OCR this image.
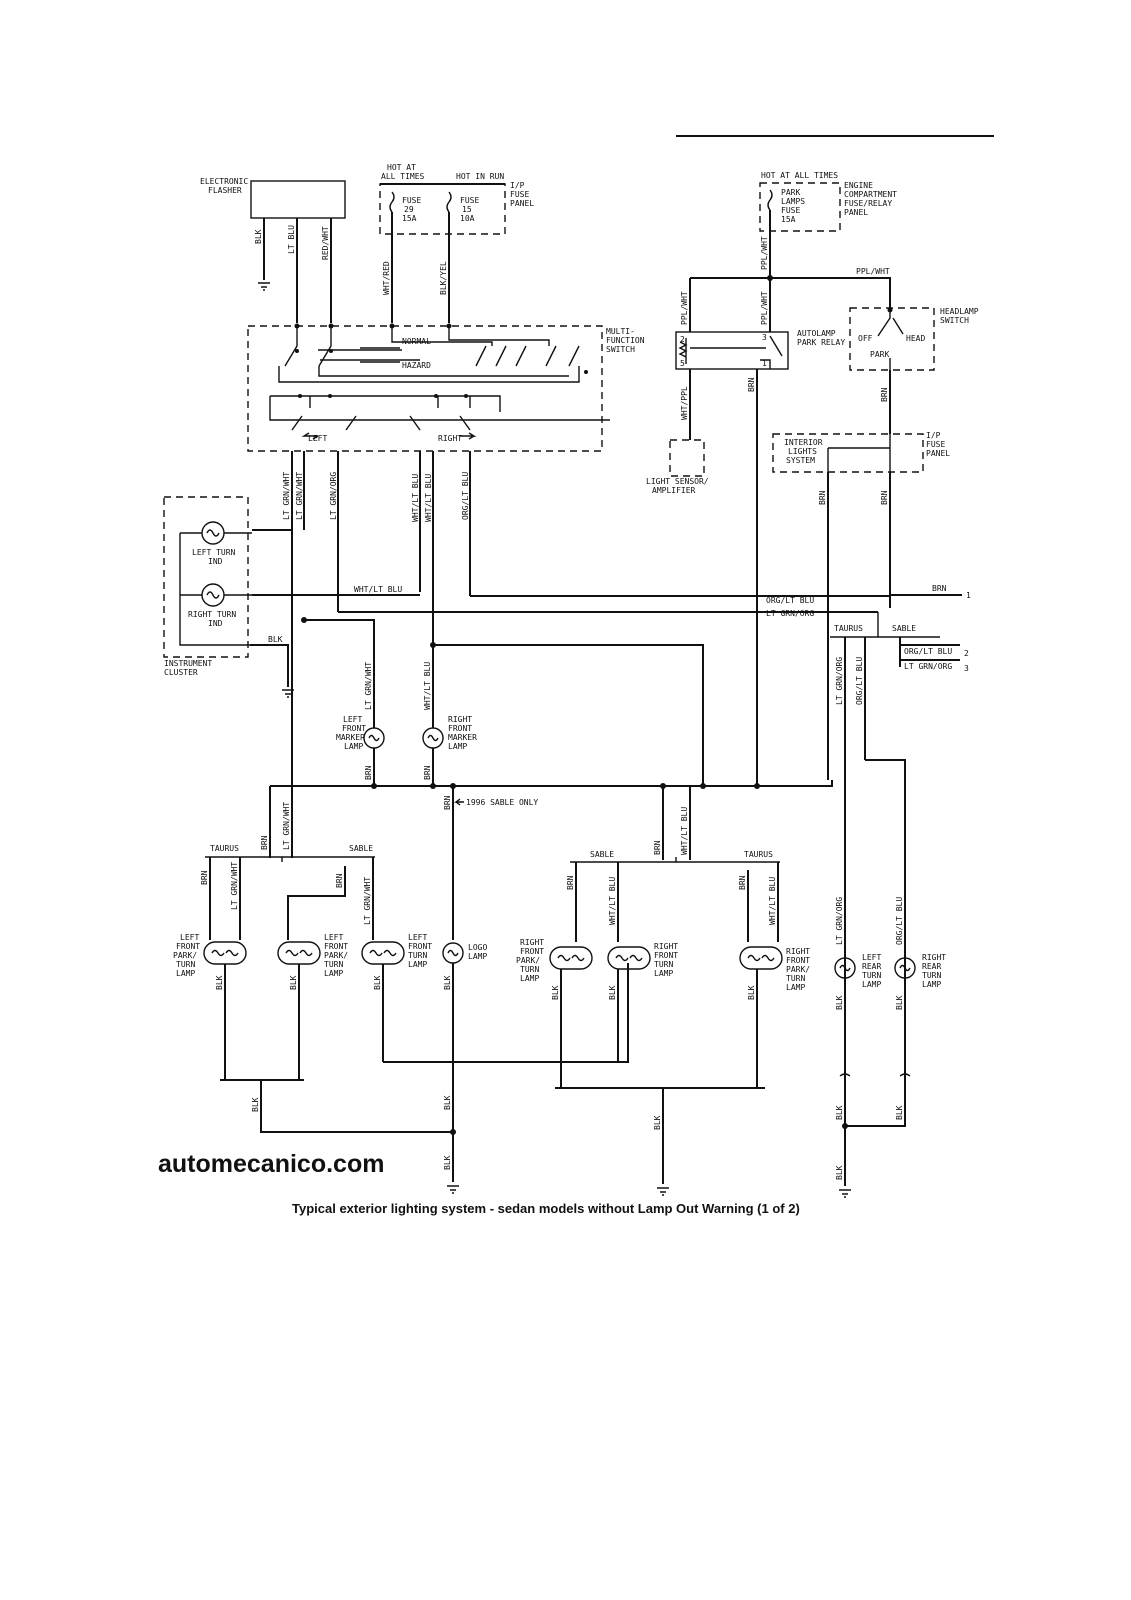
ELECTRONIC
FLASHER
BLK	LT BLU	RED/WHT
HOT AT
ALL TIMES	HOT IN RUN
FUSE
29
15A
FUSE
15
10A
I/P
FUSE
PANEL
WHT/RED	BLK/YEL
MULTI-
FUNCTION
SWITCH
NORMAL
HAZARD
LEFT	RIGHT
LT GRN/WHT LT GRN/WHT	LT GRN/ORG	WHT/LT BLU WHT/LT BLU	ORG/LT BLU
LEFT TURN
IND
RIGHT TURN
IND
BLK
INSTRUMENT
CLUSTER
WHT/LT BLU
HOT AT ALL TIMES
PARK
LAMPS
FUSE
15A
ENGINE
COMPARTMENT
FUSE/RELAY
PANEL
PPL/WHT
PPL/WHT
PPL/WHT	PPL/WHT
2
5
3
1
AUTOLAMP
PARK RELAY
WHT/PPL
LIGHT SENSOR/
AMPLIFIER
BRN
OFF	HEAD
PARK
HEADLAMP
SWITCH
BRN
INTERIOR
LIGHTS
SYSTEM
I/P
FUSE
PANEL
BRN	BRN
BRN
1
ORG/LT BLU
LT GRN/ORG
TAURUS	SABLE
ORG/LT BLU
LT GRN/ORG
2
3
LT GRN/ORG ORG/LT BLU
LT GRN/WHT	WHT/LT BLU
BRN	BRN
LEFT
FRONT
MARKER
LAMP
RIGHT
FRONT
MARKER
LAMP
BRN LT GRN/WHT	BRN 1996 SABLE ONLY
BRN WHT/LT BLU
TAURUS	SABLE
BRN	LT GRN/WHT	BRN LT GRN/WHT
LEFT
FRONT
PARK/
TURN
LAMP
LEFT
FRONT
PARK/
TURN
LAMP
LEFT
FRONT
TURN
LAMP
LOGO
LAMP
BLK	BLK	BLK	BLK
BLK	BLK
BLK
SABLE	TAURUS
BRN	WHT/LT BLU	BRN	WHT/LT BLU
RIGHT
FRONT
PARK/
TURN
LAMP
RIGHT
FRONT
TURN
LAMP
RIGHT
FRONT
PARK/
TURN
LAMP
BLK	BLK	BLK
BLK
LT GRN/ORG	ORG/LT BLU
LEFT
REAR
TURN
LAMP
RIGHT
REAR
TURN
LAMP
BLK	BLK
BLK	BLK
BLK
automecanico.com
Typical exterior lighting system - sedan models without Lamp Out Warning (1 of 2)
